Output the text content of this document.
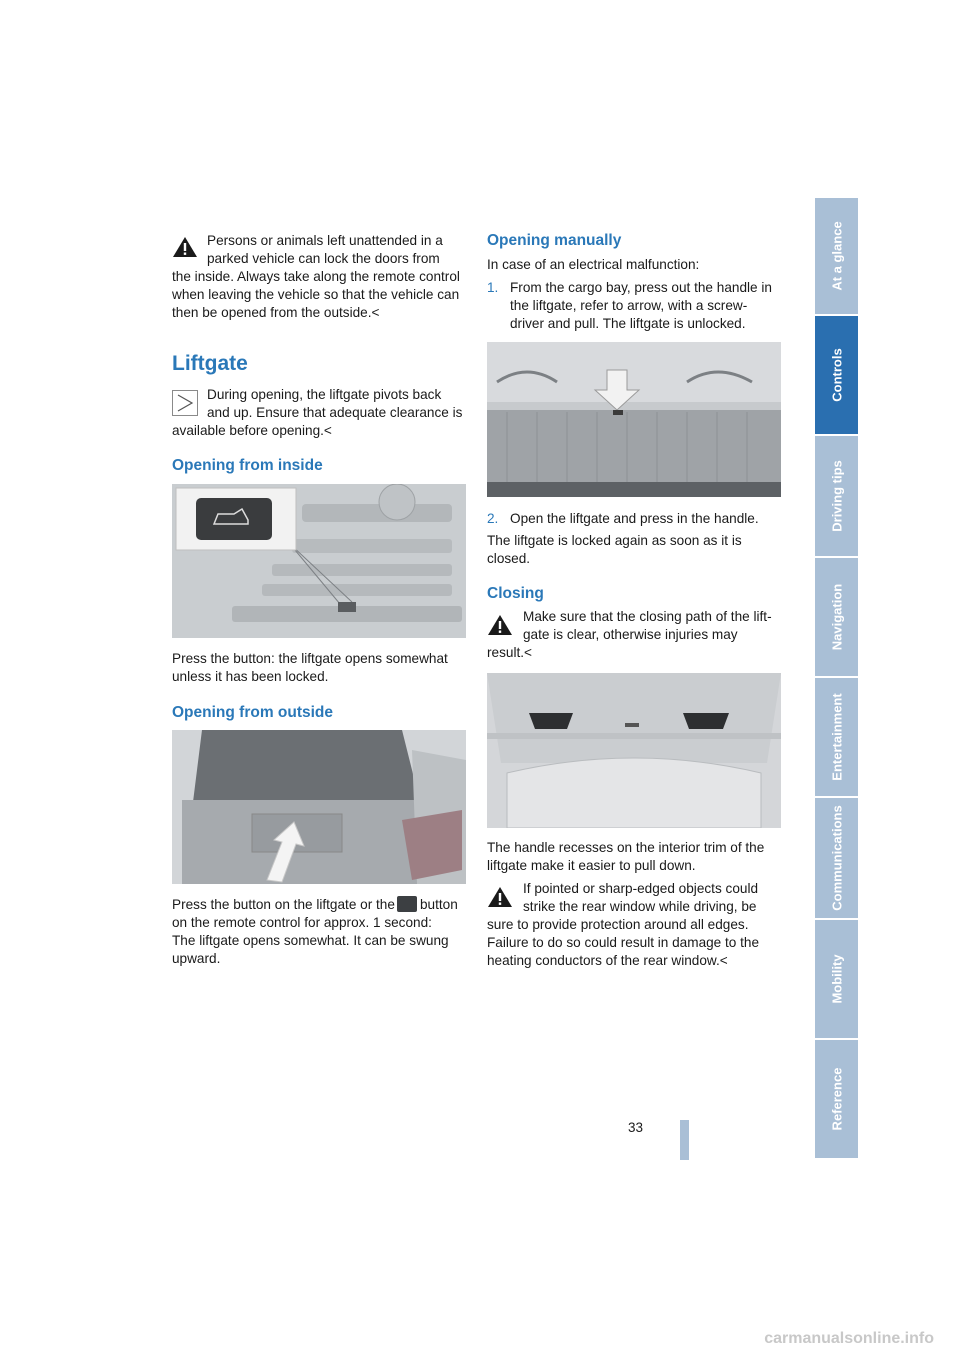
Persons or animals left unattended in a

parked vehicle can lock the doors from

the inside. Always take along the remote control

when leaving the vehicle so that the vehicle can

then be opened from the outside.<

Liftgate

During opening, the liftgate pivots back

and up. Ensure that adequate clearance is

available before opening.<

Opening from inside

Press the button: the liftgate opens somewhat

unless it has been locked.

Opening from outside

Press the button on the liftgate or the button

on the remote control for approx. 1 second:

The liftgate opens somewhat. It can be swung

upward.

Opening manually

In case of an electrical malfunction:

1. From the cargo bay, press out the handle in

the liftgate, refer to arrow, with a screw-

driver and pull. The liftgate is unlocked.

2. Open the liftgate and press in the handle.

The liftgate is locked again as soon as it is

closed.

Closing

Make sure that the closing path of the lift-

gate is clear, otherwise injuries may

result.<

The handle recesses on the interior trim of the

liftgate make it easier to pull down.

If pointed or sharp-edged objects could

strike the rear window while driving, be

sure to provide protection around all edges.

Failure to do so could result in damage to the

heating conductors of the rear window.<

At a glance
Controls
Driving tips
Navigation
Entertainment
Communications
Mobility
Reference
33
carmanualsonline.info
